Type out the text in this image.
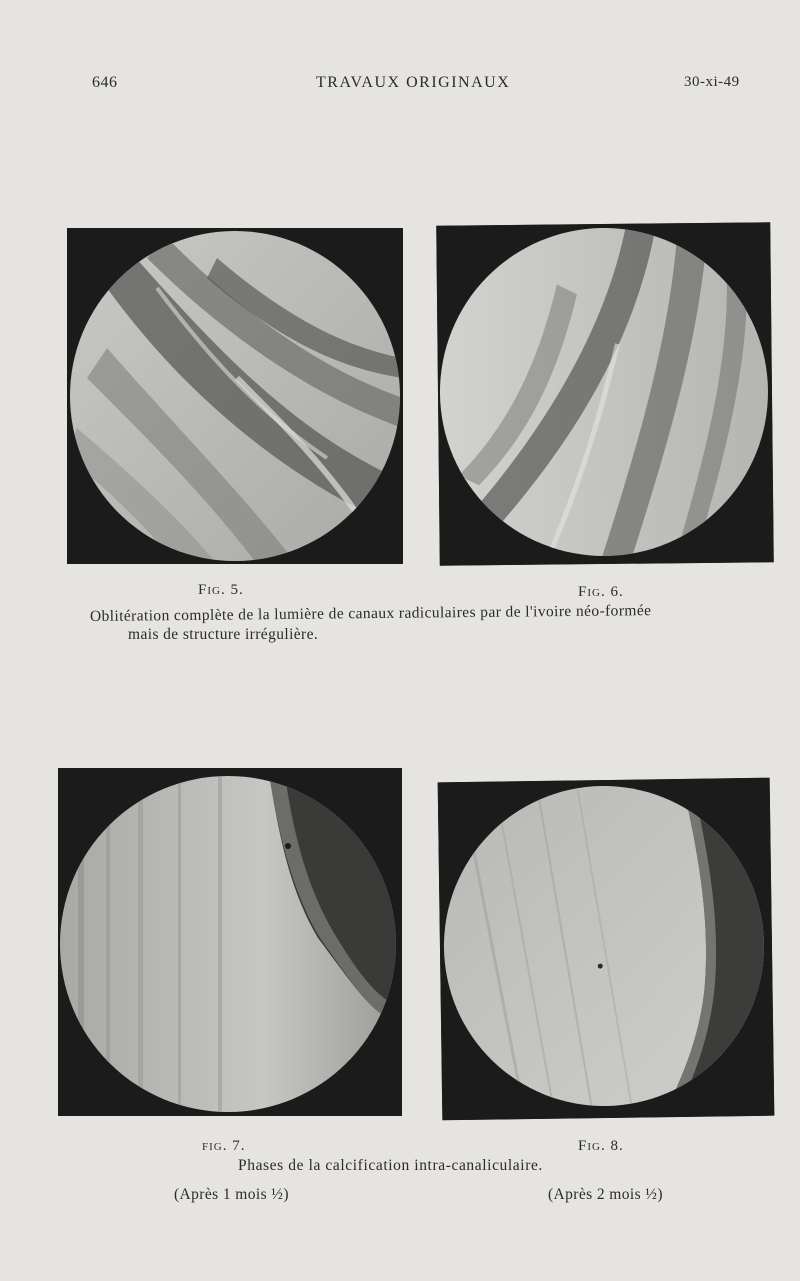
646	TRAVAUX ORIGINAUX	30-xi-49
Fig. 5.	Fig. 6.
Oblitération complète de la lumière de canaux radiculaires par de l'ivoire néo-formée
mais de structure irrégulière.
fig. 7.	Fig. 8.
Phases de la calcification intra-canaliculaire.
(Après 1 mois ½)	(Après 2 mois ½)
